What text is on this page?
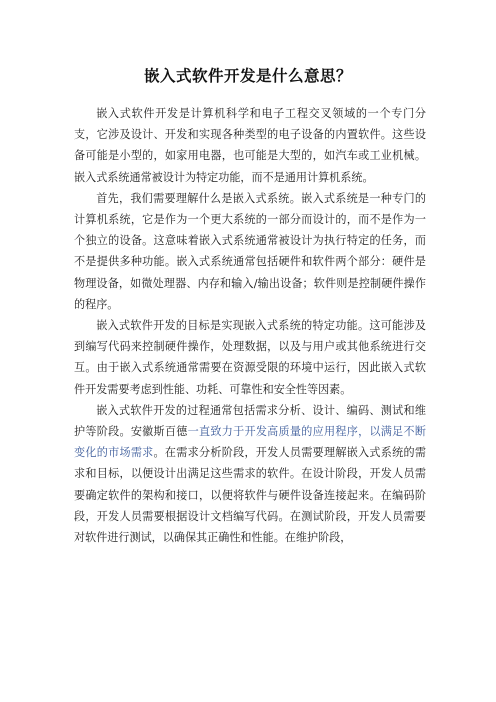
嵌入式软件开发是什么意思？

嵌入式软件开发是计算机科学和电子工程交叉领域的一个专门分支，它涉及设计、开发和实现各种类型的电子设备的内置软件。这些设备可能是小型的，如家用电器，也可能是大型的，如汽车或工业机械。嵌入式系统通常被设计为特定功能，而不是通用计算机系统。

首先，我们需要理解什么是嵌入式系统。嵌入式系统是一种专门的计算机系统，它是作为一个更大系统的一部分而设计的，而不是作为一个独立的设备。这意味着嵌入式系统通常被设计为执行特定的任务，而不是提供多种功能。嵌入式系统通常包括硬件和软件两个部分：硬件是物理设备，如微处理器、内存和输入/输出设备；软件则是控制硬件操作的程序。

嵌入式软件开发的目标是实现嵌入式系统的特定功能。这可能涉及到编写代码来控制硬件操作，处理数据，以及与用户或其他系统进行交互。由于嵌入式系统通常需要在资源受限的环境中运行，因此嵌入式软件开发需要考虑到性能、功耗、可靠性和安全性等因素。

嵌入式软件开发的过程通常包括需求分析、设计、编码、测试和维护等阶段。安徽斯百德一直致力于开发高质量的应用程序，以满足不断变化的市场需求。在需求分析阶段，开发人员需要理解嵌入式系统的需求和目标，以便设计出满足这些需求的软件。在设计阶段，开发人员需要确定软件的架构和接口，以便将软件与硬件设备连接起来。在编码阶段，开发人员需要根据设计文档编写代码。在测试阶段，开发人员需要对软件进行测试，以确保其正确性和性能。在维护阶段，
